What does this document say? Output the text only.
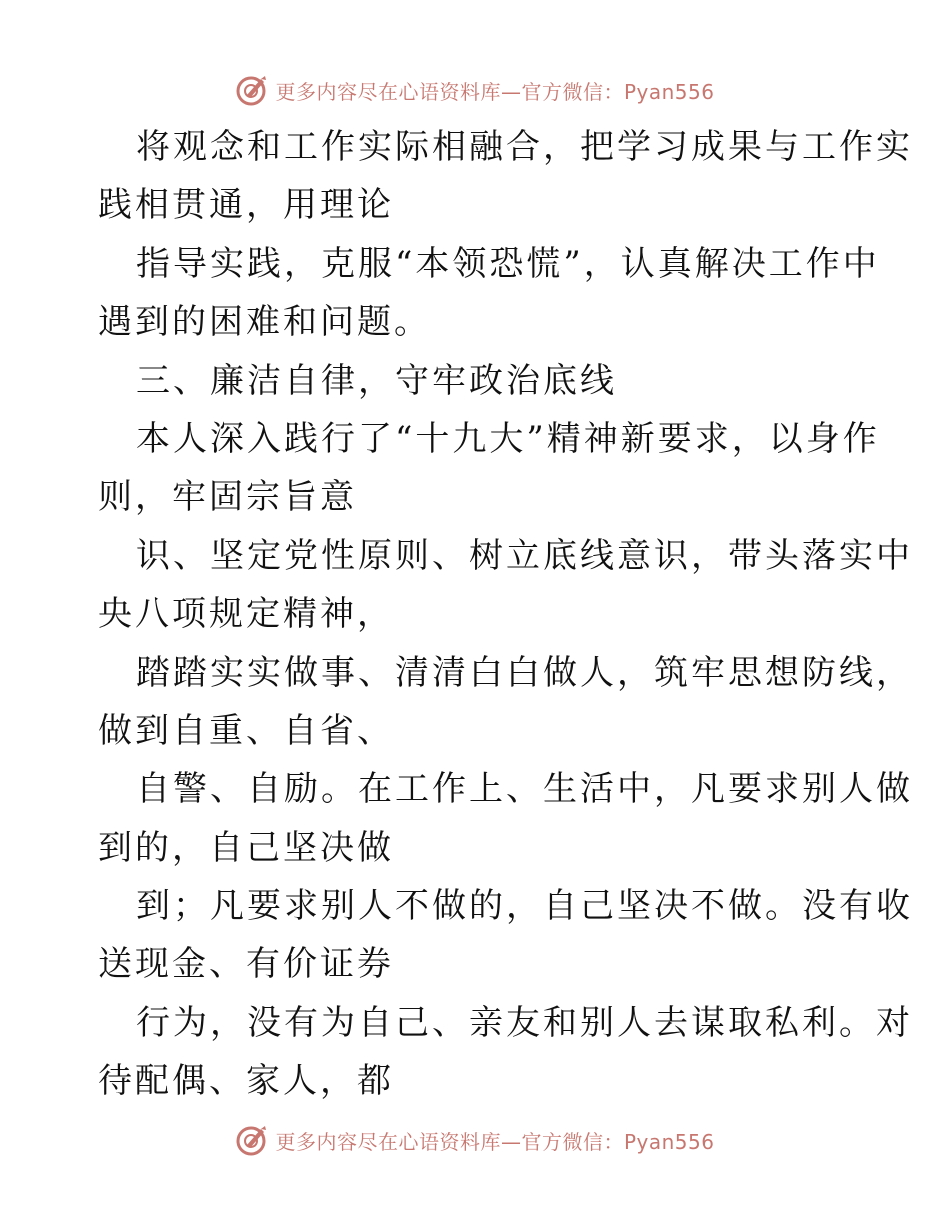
更多内容尽在心语资料库—官方微信：Pyan556
将观念和工作实际相融合，把学习成果与工作实
践相贯通，用理论
指导实践，克服“本领恐慌”，认真解决工作中
遇到的困难和问题。
三、廉洁自律，守牢政治底线
本人深入践行了“十九大”精神新要求，以身作
则，牢固宗旨意
识、坚定党性原则、树立底线意识，带头落实中
央八项规定精神，
踏踏实实做事、清清白白做人，筑牢思想防线，
做到自重、自省、
自警、自励。在工作上、生活中，凡要求别人做
到的，自己坚决做
到；凡要求别人不做的，自己坚决不做。没有收
送现金、有价证券
行为，没有为自己、亲友和别人去谋取私利。对
待配偶、家人，都
更多内容尽在心语资料库—官方微信：Pyan556
